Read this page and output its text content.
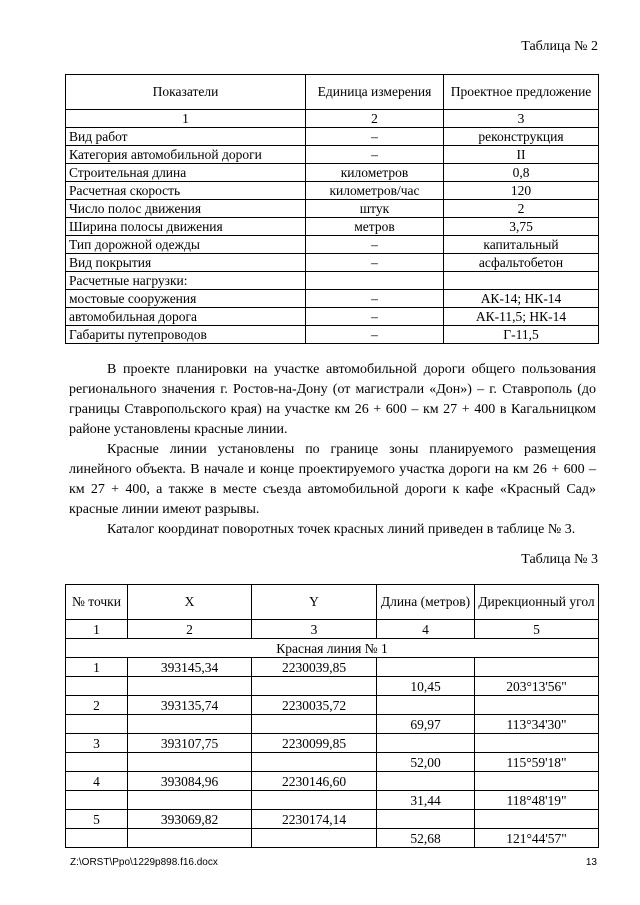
Таблица № 2
Показатели	Единица измерения	Проектное предложение
1	2	3
Вид работ	–	реконструкция
Категория автомобильной дороги	–	II
Строительная длина	километров	0,8
Расчетная скорость	километров/час	120
Число полос движения	штук	2
Ширина полосы движения	метров	3,75
Тип дорожной одежды	–	капитальный
Вид покрытия	–	асфальтобетон
Расчетные нагрузки:		
мостовые сооружения	–	АК-14; НК-14
автомобильная дорога	–	АК-11,5; НК-14
Габариты путепроводов	–	Г-11,5

В проекте планировки на участке автомобильной дороги общего пользования регионального значения г. Ростов-на-Дону (от магистрали «Дон») – г. Ставрополь (до границы Ставропольского края) на участке км 26 + 600 – км 27 + 400 в Кагальницком районе установлены красные линии.

Красные линии установлены по границе зоны планируемого размещения линейного объекта. В начале и конце проектируемого участка дороги на км 26 + 600 – км 27 + 400, а также в месте съезда автомобильной дороги к кафе «Красный Сад» красные линии имеют разрывы.

Каталог координат поворотных точек красных линий приведен в таблице № 3.

Таблица № 3
№ точки	X	Y	Длина (метров)	Дирекционный угол
1	2	3	4	5
Красная линия № 1				
1	393145,34	2230039,85		
			10,45	203°13'56"
2	393135,74	2230035,72		
			69,97	113°34'30"
3	393107,75	2230099,85		
			52,00	115°59'18"
4	393084,96	2230146,60		
			31,44	118°48'19"
5	393069,82	2230174,14		
			52,68	121°44'57"
Z:\ORST\Ppo\1229p898.f16.docx	13
